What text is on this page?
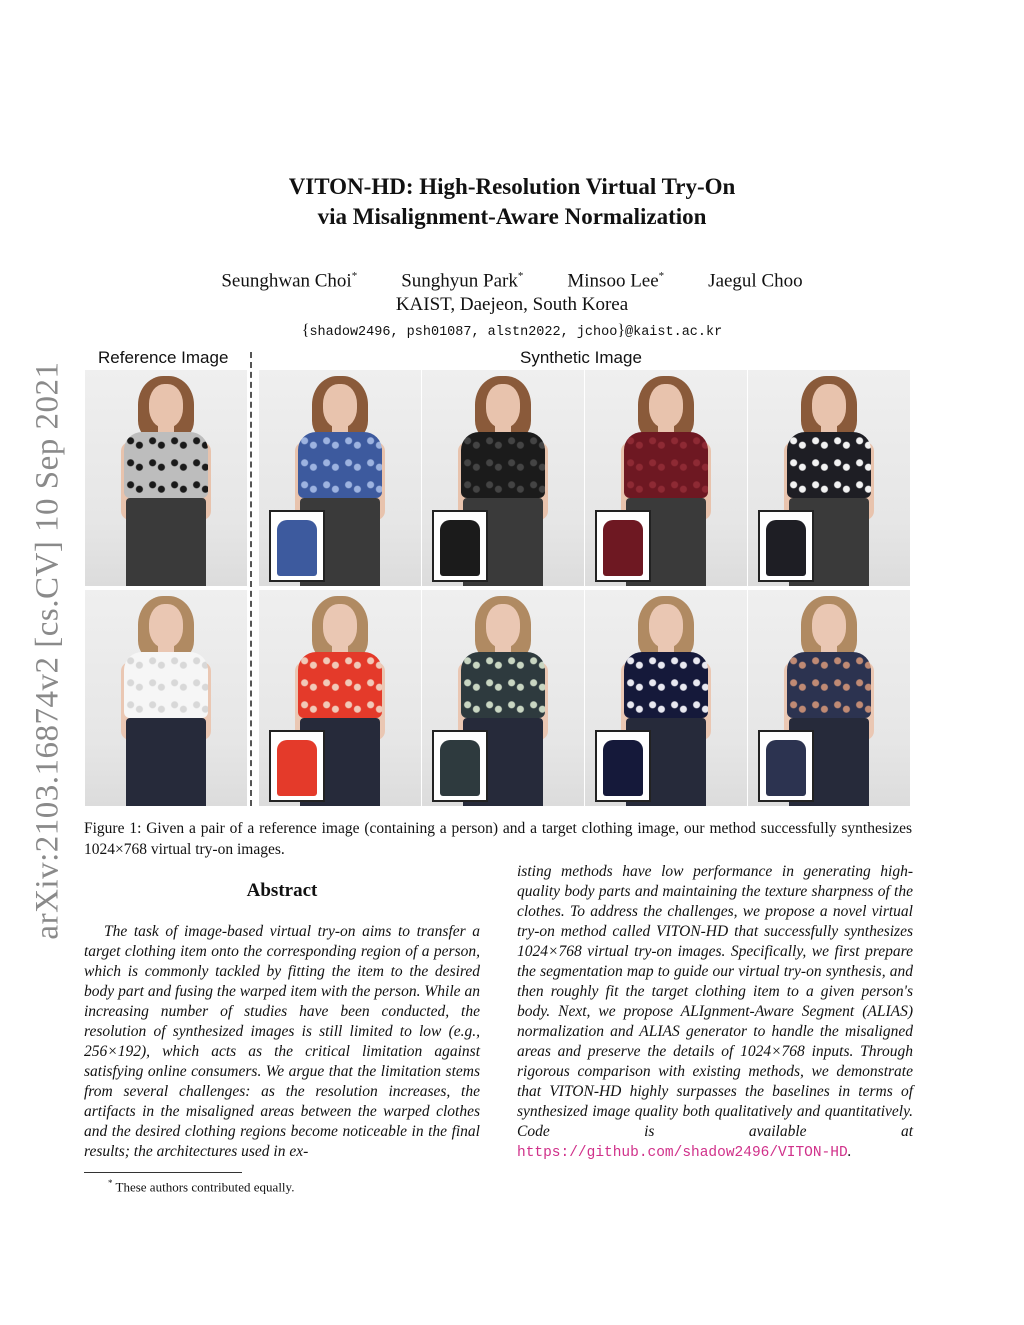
arXiv:2103.16874v2 [cs.CV] 10 Sep 2021
VITON-HD: High-Resolution Virtual Try-On
via Misalignment-Aware Normalization
Seunghwan Choi* Sunghyun Park* Minsoo Lee* Jaegul Choo
KAIST, Daejeon, South Korea
{shadow2496, psh01087, alstn2022, jchoo}@kaist.ac.kr
Reference Image	Synthetic Image
Figure 1: Given a pair of a reference image (containing a person) and a target clothing image, our method successfully synthesizes 1024×768 virtual try-on images.
Abstract
The task of image-based virtual try-on aims to transfer a target clothing item onto the corresponding region of a person, which is commonly tackled by fitting the item to the desired body part and fusing the warped item with the person. While an increasing number of studies have been conducted, the resolution of synthesized images is still limited to low (e.g., 256×192), which acts as the critical limitation against satisfying online consumers. We argue that the limitation stems from several challenges: as the resolution increases, the artifacts in the misaligned areas between the warped clothes and the desired clothing regions become noticeable in the final results; the architectures used in ex-
isting methods have low performance in generating high-quality body parts and maintaining the texture sharpness of the clothes. To address the challenges, we propose a novel virtual try-on method called VITON-HD that successfully synthesizes 1024×768 virtual try-on images. Specifically, we first prepare the segmentation map to guide our virtual try-on synthesis, and then roughly fit the target clothing item to a given person's body. Next, we propose ALIgnment-Aware Segment (ALIAS) normalization and ALIAS generator to handle the misaligned areas and preserve the details of 1024×768 inputs. Through rigorous comparison with existing methods, we demonstrate that VITON-HD highly surpasses the baselines in terms of synthesized image quality both qualitatively and quantitatively. Code is available at https://github.com/shadow2496/VITON-HD.
* These authors contributed equally.
